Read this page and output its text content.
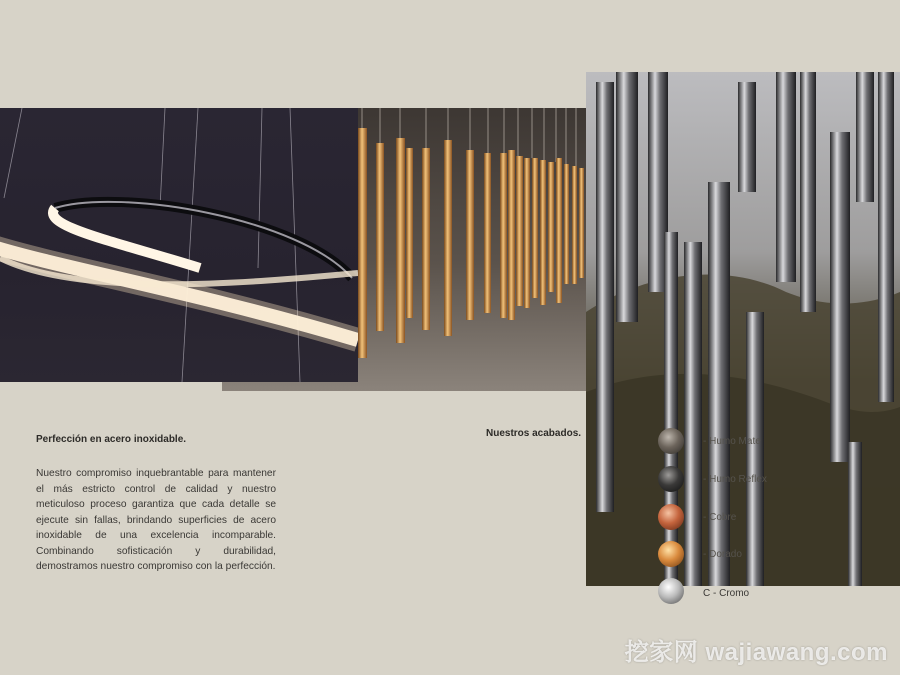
Perfección en acero inoxidable.
Nuestro compromiso inquebrantable para mantener el más estricto control de calidad y nuestro meticuloso proceso garantiza que cada detalle se ejecute sin fallas, brindando superficies de acero inoxidable de una excelencia incomparable. Combinando sofisticación y durabilidad, demostramos nuestro compromiso con la perfección.
Nuestros acabados.
- Humo Mate
- Humo Reflex
- Cobre
- Dorado
C - Cromo
挖家网 wajiawang.com
